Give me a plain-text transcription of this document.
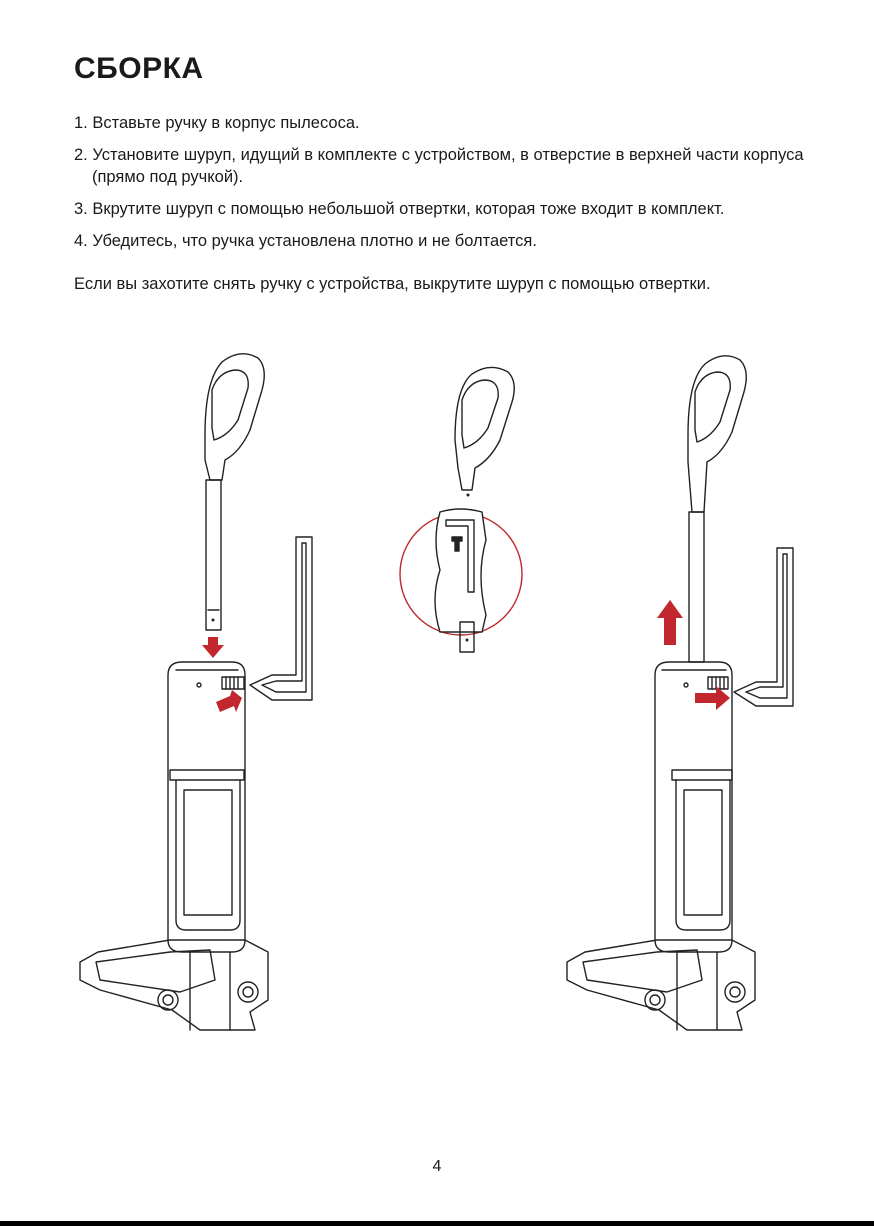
СБОРКА
1. Вставьте ручку в корпус пылесоса.
2. Установите шуруп, идущий в комплекте с устройством, в отверстие в верхней части корпуса (прямо под ручкой).
3. Вкрутите шуруп с помощью небольшой отвертки, которая тоже входит в комплект.
4. Убедитесь, что ручка установлена плотно и не болтается.

Если вы захотите снять ручку с устройства, выкрутите шуруп с помощью отвертки.

4
